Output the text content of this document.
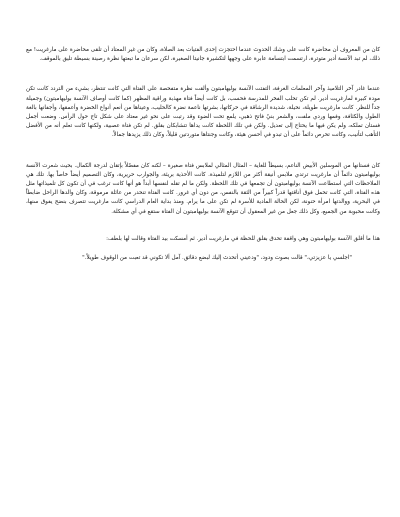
كان من المعروف أن محاضرة كانت على وشك الحدوث عندما احتجزت إحدى الفتيات بعد الصلاة، وكان من غير المعتاد أن تلقى محاضرة على مارغريت! مع ذلك، لم تبد الآنسة أدير متوترة، ارتسمت ابتسامة عابرة على وجهها لتكشيرة جانيتا الصغيرة، لكن سرعان ما تبعتها نظرة رصينة بسيطة تليق بالموقف.

عندما غادر آخر التلاميذ وآخر المعلمات الغرفة، التفتت الآنسة بوليهامبتون وألقت نظرة متفحصة على الفتاة التي كانت تنتظر، بشيء من التردد كانت تكن مودة كبيرة لمارغريت أدير. لم تكن تحلب الفخر للمدرسة فحسب، بل كانت أيضاً فتاة مهذبة وراقية المظهر (كما كانت أوصاف الآنسة بوليهامبتون) وجميلة جداً للنظر. كانت مارغريت طويلة، نحيلة، شديدة الرشاقة في حركاتها، بشرتها ناعمة نضرة كالحليب، وعيناها من أنعم أنواع الخضرة وأعمقها، وأجفانها بالغة الطول والكثافة، وفمها وردي ملفت، والشعر بنيّ فاتح ذهبي، يلمع تحت الضوء وقد رتبت على نحو غير معتاد على شكل تاج حول الرأس. وضعت أجمل فستان تملكه، ولم يكن فيها ما يحتاج إلى تعديل. ولكن في تلك اللحظة كانت يداها تتشابكان بقلق. لم تكن فتاة عصبية، ولكنها كانت تعلم أنه من الأفضل التأهب لتأنيب، وكانت تحرص دائماً على أن تبدو في أحسن هيئة، وكانت وجنتاها متوردتين قليلاً، وكان ذلك يزيدها جمالاً.

كان فستانها من الموسلين الأبيض الناعم، بسيطاً للغاية – المثال المثالي لملابس فتاة صغيرة – لكنه كان مفصّلاً بإتقان لدرجة الكمال. بحيث شعرت الآنسة بوليهامبتون دائماً أن مارغريت ترتدي ملابس أنيقة أكثر من اللازم لتلميذة. كانت الأحذية بريئة، والجوارب حريرية، وكان التصميم أيضاً خاصاً بها. تلك هي الملاحظات التي استطاعت الآنسة بوليهامبتون أن تجمعها في تلك اللحظة. ولكن ما لم تقله لنفسها أبداً هو أنها كانت ترغب في أن تكون كل تلميذاتها مثل هذه الفتاة، التي كانت تحمل فوق أناقتها قدراً كبيراً من الثقة بالنفس، من دون أي غرور. كانت الفتاة تنحدر من عائلة مرموقة، وكان والدها الراحل ضابطاً في البحرية، ووالدتها امرأة حنونة، لكن الحالة المادية للأسرة لم تكن على ما يرام. ومنذ بداية العام الدراسي كانت مارغريت تتصرف بنضج يفوق سنها، وكانت محبوبة من الجميع، وكل ذلك جعل من غير المعقول أن تتوقع الآنسة بوليهامبتون أن الفتاة ستقع في أي مشكلة.

هذا ما أقلق الآنسة بوليهامبتون وهي واقفة تحدق بقلق للحظة في مارغريت أدير. ثم أمسكت بيد الفتاة وقالت لها بلطف:

"اجلسي يا عزيزتي،" قالت بصوت ودود، "ودعيني أتحدث إليك لبضع دقائق. آمل ألا تكوني قد تعبت من الوقوف طويلاً."
